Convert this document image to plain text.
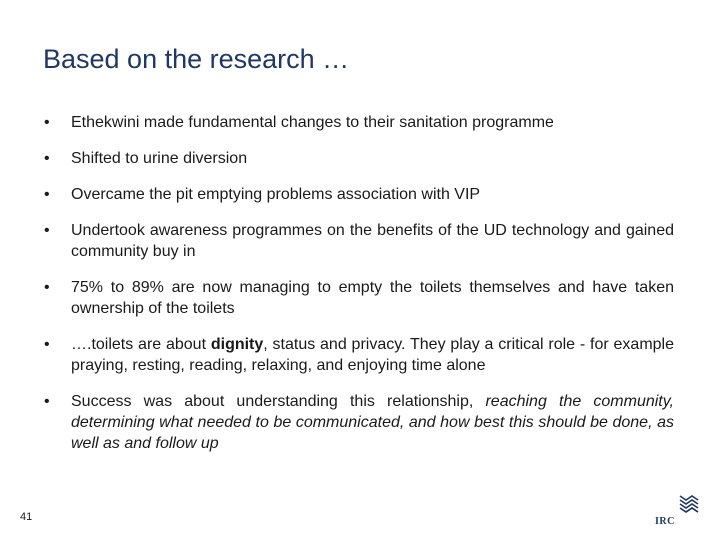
Based on the research …
•	Ethekwini made fundamental changes to their sanitation programme
•	Shifted to urine diversion
•	Overcame the pit emptying problems association with VIP
•	Undertook awareness programmes on the benefits of the UD technology and gained community buy in
•	75% to 89% are now managing to empty the toilets themselves and have taken ownership of the toilets
•	….toilets are about dignity, status and privacy. They play a critical role - for example praying, resting, reading, relaxing, and enjoying time alone
•	Success was about understanding this relationship, reaching the community, determining what needed to be communicated, and how best this should be done, as well as and follow up
41	IRC
